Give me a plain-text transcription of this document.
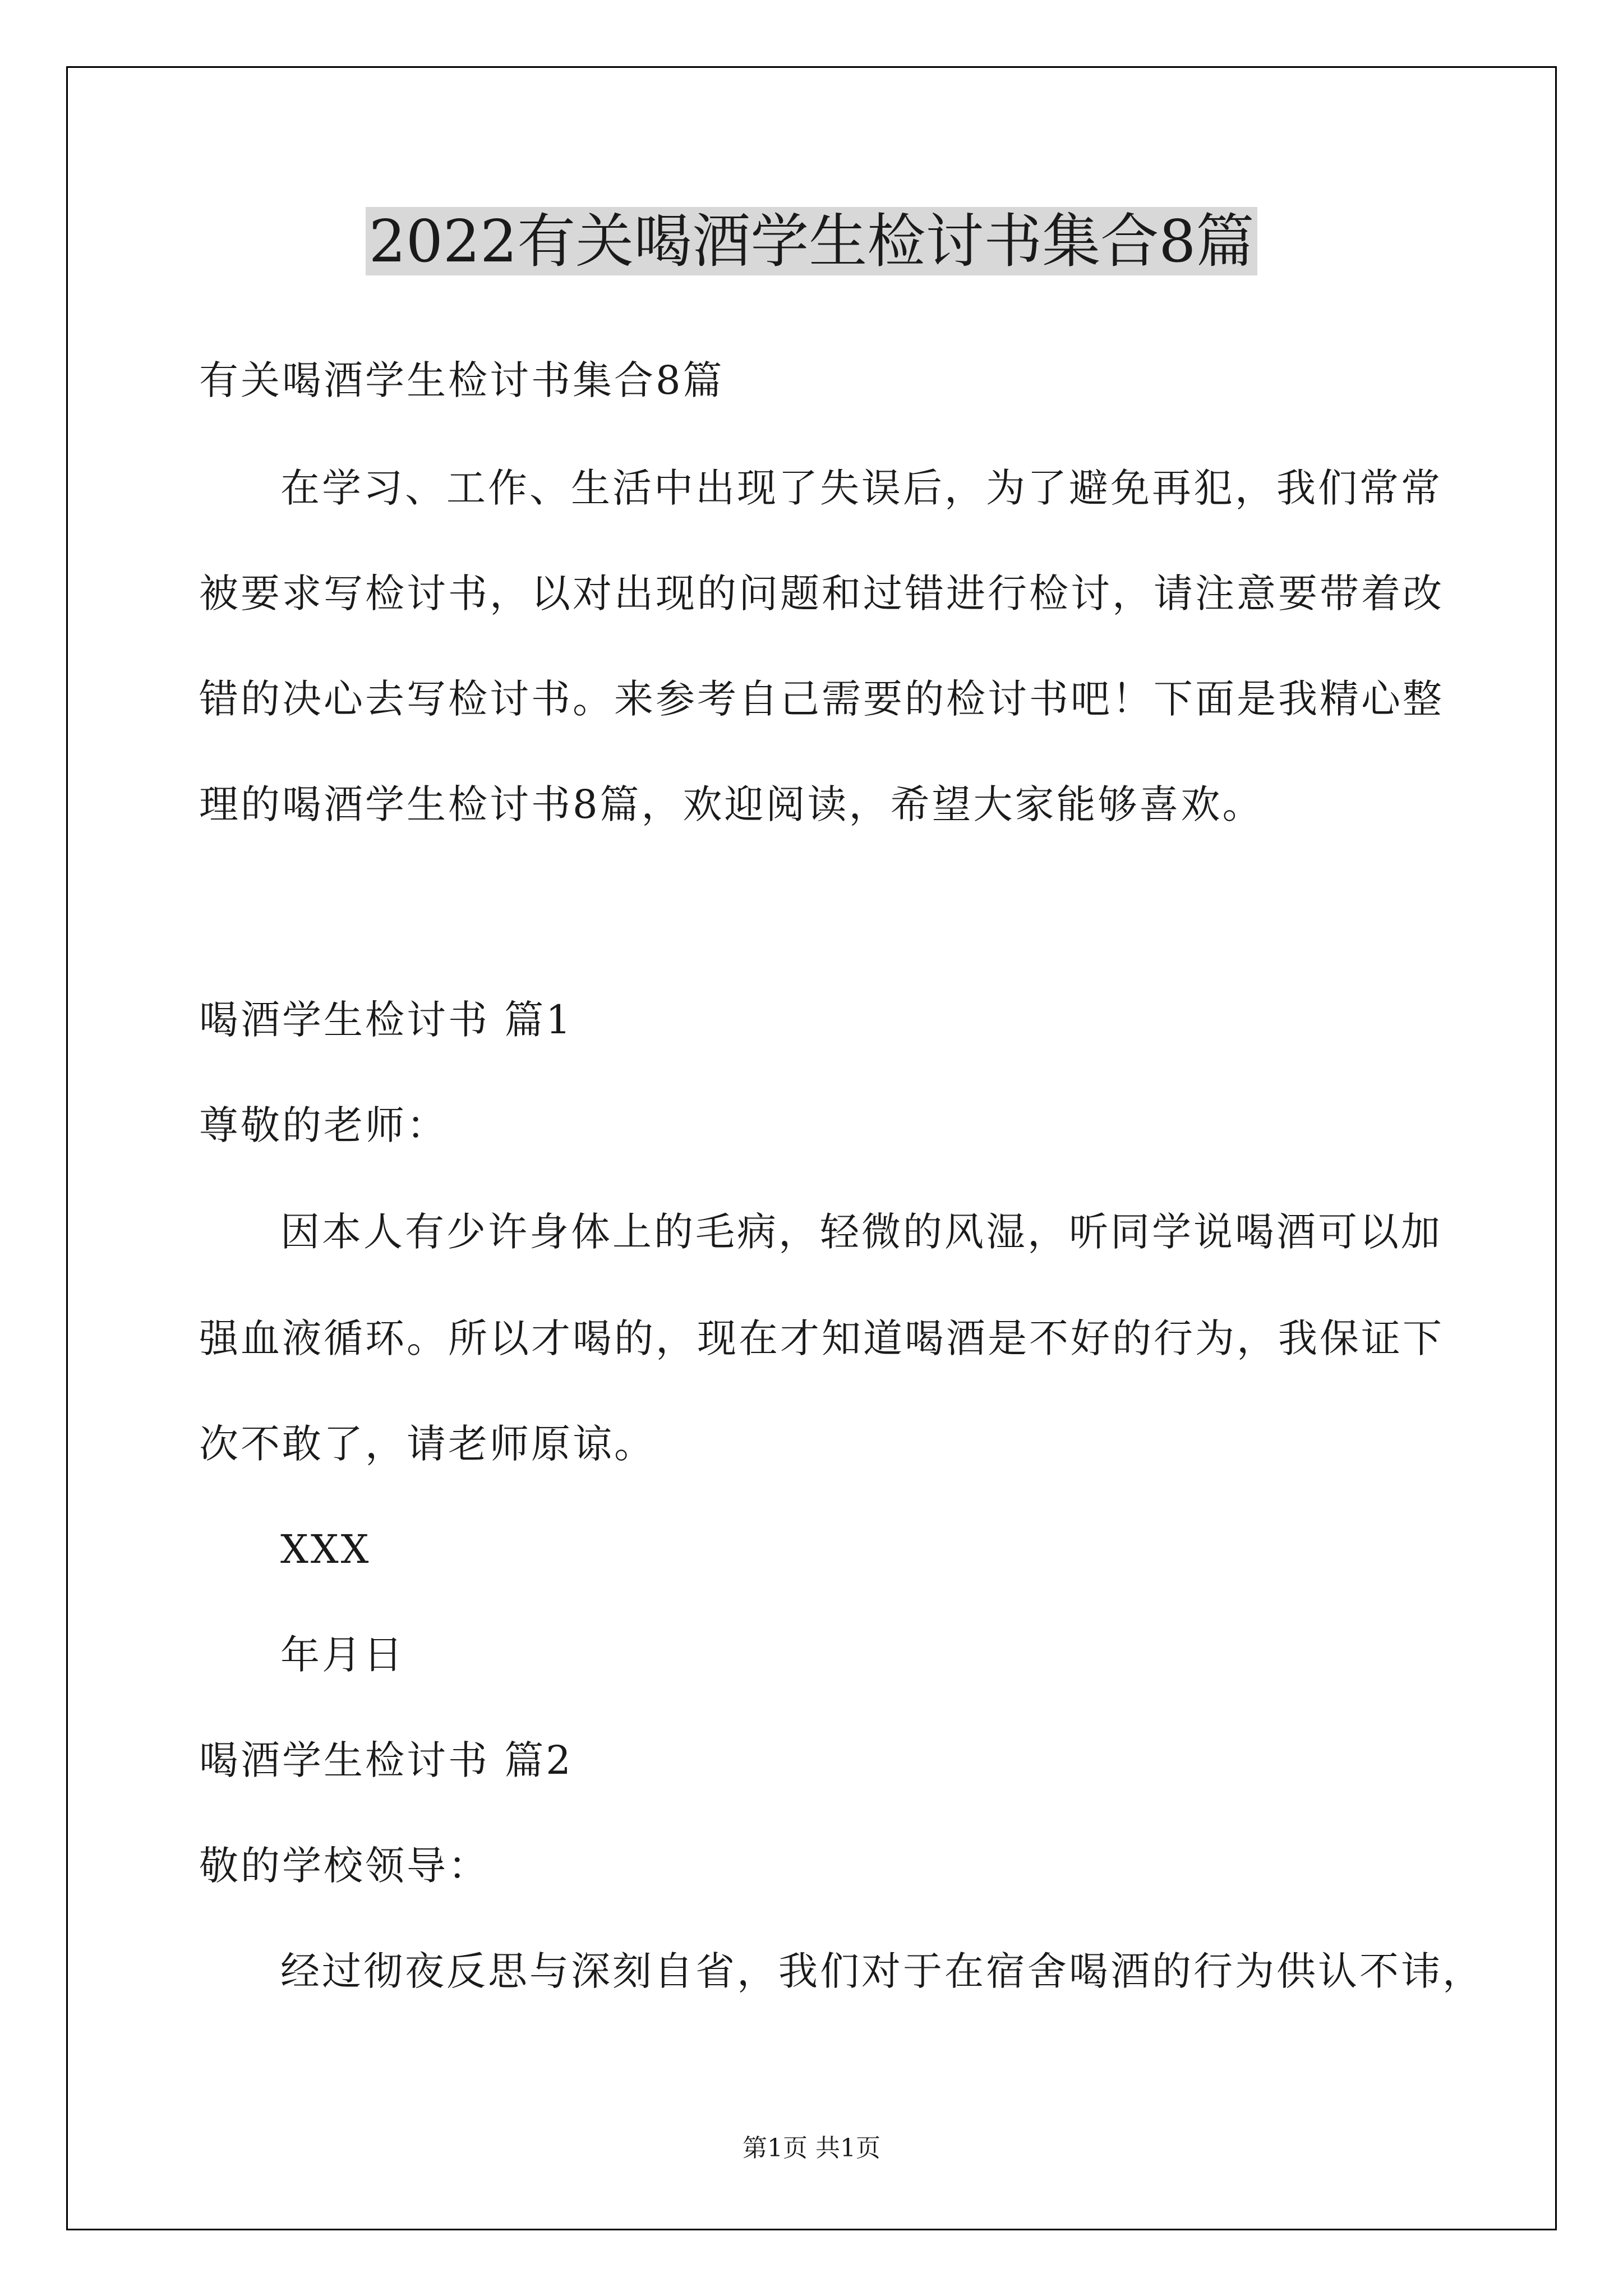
2022有关喝酒学生检讨书集合8篇
有关喝酒学生检讨书集合8篇
在学习、工作、生活中出现了失误后，为了避免再犯，我们常常
被要求写检讨书，以对出现的问题和过错进行检讨，请注意要带着改
错的决心去写检讨书。来参考自己需要的检讨书吧！下面是我精心整
理的喝酒学生检讨书8篇，欢迎阅读，希望大家能够喜欢。
喝酒学生检讨书 篇1
尊敬的老师：
因本人有少许身体上的毛病，轻微的风湿，听同学说喝酒可以加
强血液循环。所以才喝的，现在才知道喝酒是不好的行为，我保证下
次不敢了，请老师原谅。
XXX
年月日
喝酒学生检讨书 篇2
敬的学校领导：
经过彻夜反思与深刻自省，我们对于在宿舍喝酒的行为供认不讳，
第1页 共1页
